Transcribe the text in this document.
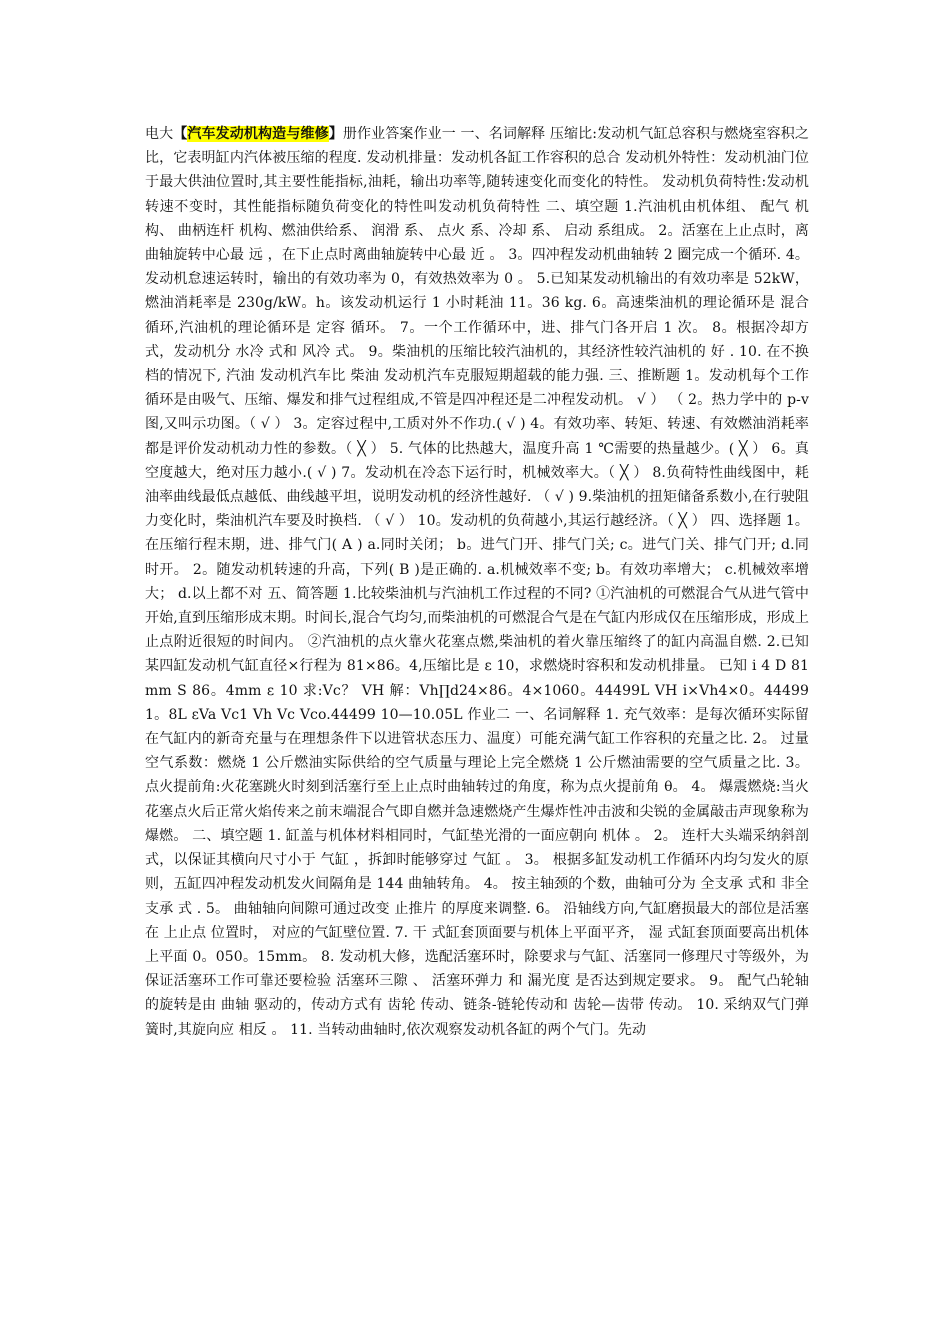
电大【汽车发动机构造与维修】册作业答案作业一 一、名词解释 压缩比:发动机气缸总容积与燃烧室容积之比，它表明缸内汽体被压缩的程度. 发动机排量：发动机各缸工作容积的总合 发动机外特性：发动机油门位于最大供油位置时,其主要性能指标,油耗，输出功率等,随转速变化而变化的特性。 发动机负荷特性:发动机转速不变时，其性能指标随负荷变化的特性叫发动机负荷特性 二、填空题 1.汽油机由机体组、 配气 机构、 曲柄连杆 机构、燃油供给系、 润滑 系、 点火 系、冷却 系、 启动 系组成。 2。活塞在上止点时，离曲轴旋转中心最 远 ，在下止点时离曲轴旋转中心最 近 。 3。四冲程发动机曲轴转 2 圈完成一个循环. 4。发动机怠速运转时，输出的有效功率为 0，有效热效率为 0 。 5.已知某发动机输出的有效功率是 52kW，燃油消耗率是 230g/kW。h。该发动机运行 1 小时耗油 11。36 kg. 6。高速柴油机的理论循环是 混合 循环,汽油机的理论循环是 定容 循环。 7。一个工作循环中，进、排气门各开启 1 次。 8。根据冷却方式，发动机分 水冷 式和 风冷 式。 9。柴油机的压缩比较汽油机的，其经济性较汽油机的 好 . 10. 在不换档的情况下, 汽油 发动机汽车比 柴油 发动机汽车克服短期超载的能力强. 三、推断题 1。发动机每个工作循环是由吸气、压缩、爆发和排气过程组成,不管是四冲程还是二冲程发动机。 √ ） （ 2。热力学中的 p-v 图,又叫示功图。（ √ ） 3。定容过程中,工质对外不作功.( √ ) 4。有效功率、转矩、转速、有效燃油消耗率都是评价发动机动力性的参数。（ ╳ ） 5. 气体的比热越大，温度升高 1 ℃需要的热量越少。( ╳ ） 6。真空度越大，绝对压力越小.( √ ) 7。发动机在冷态下运行时，机械效率大。（ ╳ ） 8.负荷特性曲线图中，耗油率曲线最低点越低、曲线越平坦，说明发动机的经济性越好. （ √ ) 9.柴油机的扭矩储备系数小,在行驶阻力变化时，柴油机汽车要及时换档. （ √ ） 10。发动机的负荷越小,其运行越经济。（ ╳ ） 四、选择题 1。在压缩行程末期，进、排气门( A ) a.同时关闭； b。进气门开、排气门关; c。进气门关、排气门开; d.同时开。 2。随发动机转速的升高，下列( B )是正确的. a.机械效率不变; b。有效功率增大； c.机械效率增大； d.以上都不对 五、简答题 1.比较柴油机与汽油机工作过程的不同? ①汽油机的可燃混合气从进气管中开始,直到压缩形成末期。时间长,混合气均匀,而柴油机的可燃混合气是在气缸内形成仅在压缩形成，形成上止点附近很短的时间内。 ②汽油机的点火靠火花塞点燃,柴油机的着火靠压缩终了的缸内高温自燃. 2.已知某四缸发动机气缸直径×行程为 81×86。4,压缩比是 ε 10，求燃烧时容积和发动机排量。 已知 i 4 D 81mm S 86。4mm ε 10 求:Vc？ VH 解：Vh∏d24×86。4×1060。44499L VH i×Vh4×0。444991。8L εVa Vc1 Vh Vc Vco.44499 10—10.05L 作业二 一、名词解释 1. 充气效率：是每次循环实际留在气缸内的新奇充量与在理想条件下以进管状态压力、温度）可能充满气缸工作容积的充量之比. 2。 过量空气系数：燃烧 1 公斤燃油实际供给的空气质量与理论上完全燃烧 1 公斤燃油需要的空气质量之比. 3。 点火提前角:火花塞跳火时刻到活塞行至上止点时曲轴转过的角度，称为点火提前角 θ。 4。 爆震燃烧:当火花塞点火后正常火焰传来之前末端混合气即自燃并急速燃烧产生爆炸性冲击波和尖锐的金属敲击声现象称为爆燃。 二、填空题 1. 缸盖与机体材料相同时，气缸垫光滑的一面应朝向 机体 。 2。 连杆大头端采纳斜剖式，以保证其横向尺寸小于 气缸 ，拆卸时能够穿过 气缸 。 3。 根据多缸发动机工作循环内均匀发火的原则，五缸四冲程发动机发火间隔角是 144 曲轴转角。 4。 按主轴颈的个数，曲轴可分为 全支承 式和 非全支承 式 . 5。 曲轴轴向间隙可通过改变 止推片 的厚度来调整. 6。 沿轴线方向,气缸磨损最大的部位是活塞在 上止点 位置时， 对应的气缸壁位置. 7. 干 式缸套顶面要与机体上平面平齐， 湿 式缸套顶面要高出机体上平面 0。050。15mm。 8. 发动机大修，选配活塞环时，除要求与气缸、活塞同一修理尺寸等级外，为保证活塞环工作可靠还要检验 活塞环三隙 、 活塞环弹力 和 漏光度 是否达到规定要求。 9。 配气凸轮轴的旋转是由 曲轴 驱动的，传动方式有 齿轮 传动、链条-链轮传动和 齿轮—齿带 传动。 10. 采纳双气门弹簧时,其旋向应 相反 。 11. 当转动曲轴时,依次观察发动机各缸的两个气门。先动
